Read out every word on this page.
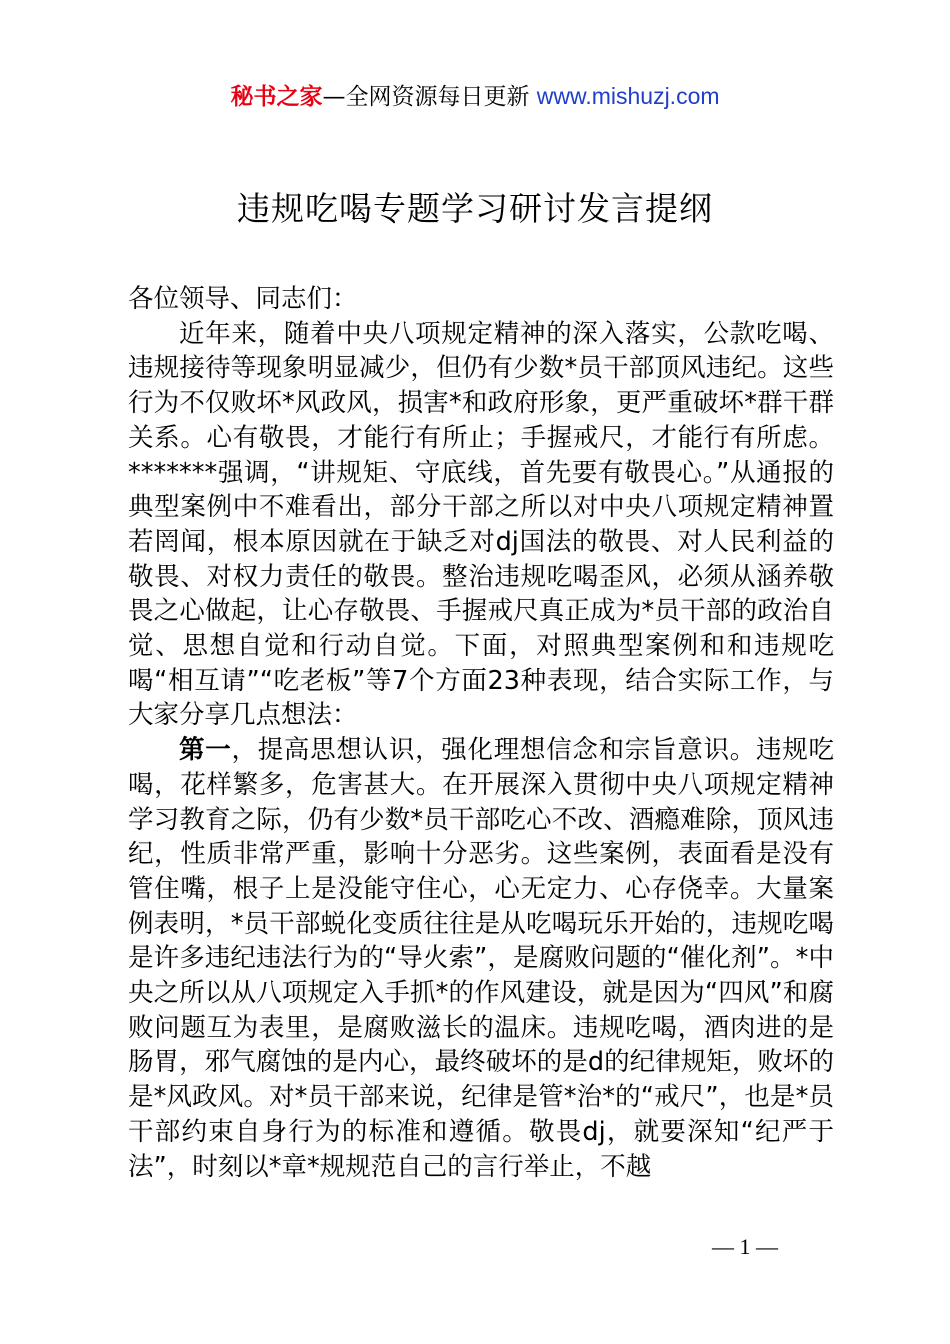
秘书之家—全网资源每日更新 www.mishuzj.com
违规吃喝专题学习研讨发言提纲

各位领导、同志们：

近年来，随着中央八项规定精神的深入落实，公款吃喝、违规接待等现象明显减少，但仍有少数*员干部顶风违纪。这些行为不仅败坏*风政风，损害*和政府形象，更严重破坏*群干群关系。心有敬畏，才能行有所止；手握戒尺，才能行有所虑。*******强调，“讲规矩、守底线，首先要有敬畏心。”从通报的典型案例中不难看出，部分干部之所以对中央八项规定精神置若罔闻，根本原因就在于缺乏对dj国法的敬畏、对人民利益的敬畏、对权力责任的敬畏。整治违规吃喝歪风，必须从涵养敬畏之心做起，让心存敬畏、手握戒尺真正成为*员干部的政治自觉、思想自觉和行动自觉。下面，对照典型案例和和违规吃喝“相互请”“吃老板”等7个方面23种表现，结合实际工作，与大家分享几点想法：

第一，提高思想认识，强化理想信念和宗旨意识。违规吃喝，花样繁多，危害甚大。在开展深入贯彻中央八项规定精神学习教育之际，仍有少数*员干部吃心不改、酒瘾难除，顶风违纪，性质非常严重，影响十分恶劣。这些案例，表面看是没有管住嘴，根子上是没能守住心，心无定力、心存侥幸。大量案例表明，*员干部蜕化变质往往是从吃喝玩乐开始的，违规吃喝是许多违纪违法行为的“导火索”，是腐败问题的“催化剂”。*中央之所以从八项规定入手抓*的作风建设，就是因为“四风”和腐败问题互为表里，是腐败滋长的温床。违规吃喝，酒肉进的是肠胃，邪气腐蚀的是内心，最终破坏的是d的纪律规矩，败坏的是*风政风。对*员干部来说，纪律是管*治*的“戒尺”，也是*员干部约束自身行为的标准和遵循。敬畏dj，就要深知“纪严于法”，时刻以*章*规规范自己的言行举止，不越

— 1 —
